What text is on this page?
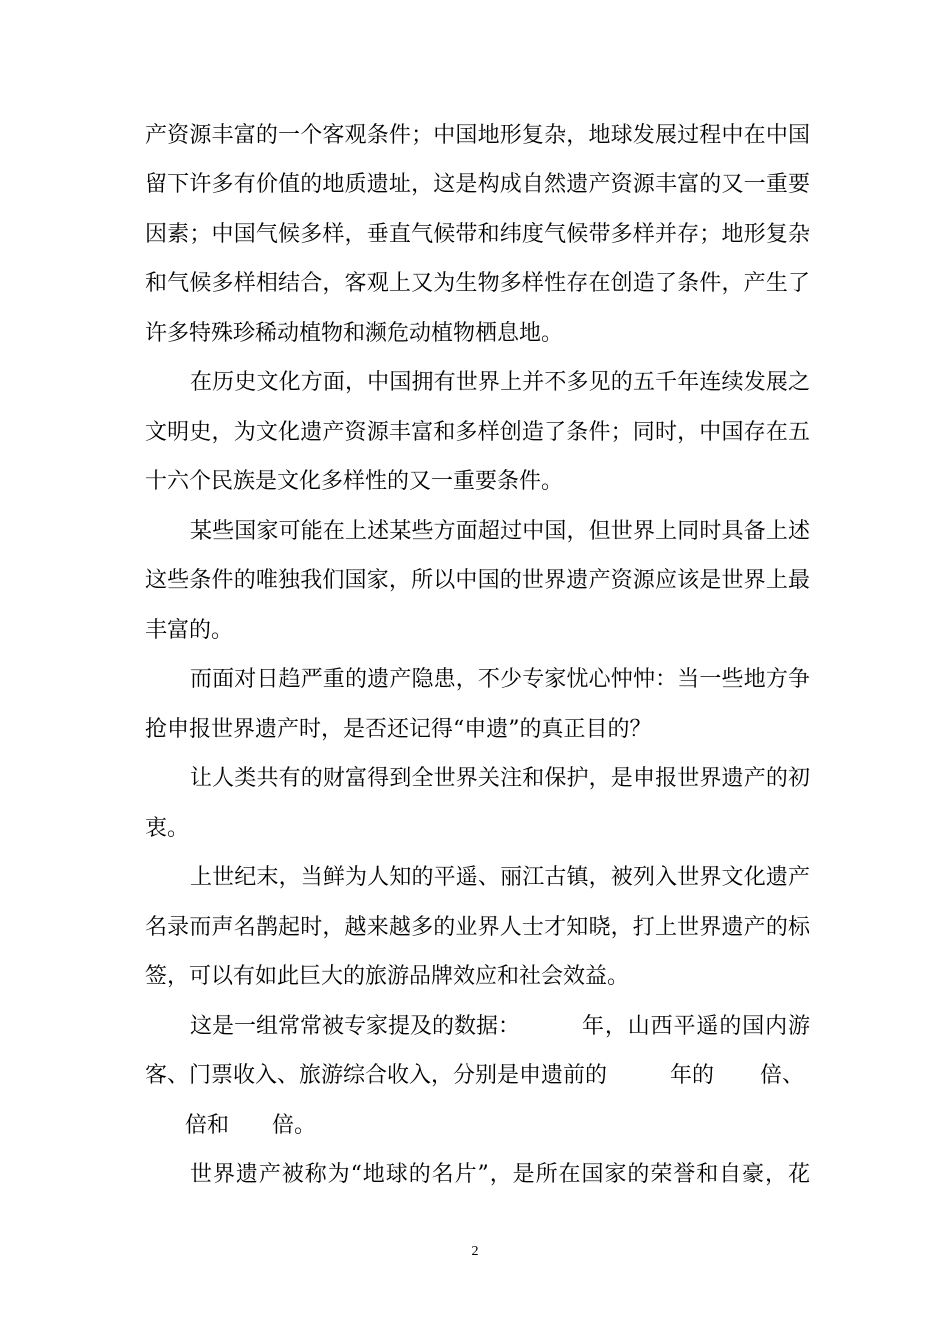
产资源丰富的一个客观条件；中国地形复杂，地球发展过程中在中国
留下许多有价值的地质遗址，这是构成自然遗产资源丰富的又一重要
因素；中国气候多样，垂直气候带和纬度气候带多样并存；地形复杂
和气候多样相结合，客观上又为生物多样性存在创造了条件，产生了
许多特殊珍稀动植物和濒危动植物栖息地。
在历史文化方面，中国拥有世界上并不多见的五千年连续发展之
文明史，为文化遗产资源丰富和多样创造了条件；同时，中国存在五
十六个民族是文化多样性的又一重要条件。
某些国家可能在上述某些方面超过中国，但世界上同时具备上述
这些条件的唯独我们国家，所以中国的世界遗产资源应该是世界上最
丰富的。
而面对日趋严重的遗产隐患，不少专家忧心忡忡：当一些地方争
抢申报世界遗产时，是否还记得“申遗”的真正目的？
让人类共有的财富得到全世界关注和保护，是申报世界遗产的初
衷。
上世纪末，当鲜为人知的平遥、丽江古镇，被列入世界文化遗产
名录而声名鹊起时，越来越多的业界人士才知晓，打上世界遗产的标
签，可以有如此巨大的旅游品牌效应和社会效益。
这是一组常常被专家提及的数据：	年，山西平遥的国内游
客、门票收入、旅游综合收入，分别是申遗前的	年的 倍、
倍和 倍。
世界遗产被称为“地球的名片”，是所在国家的荣誉和自豪，花
2
